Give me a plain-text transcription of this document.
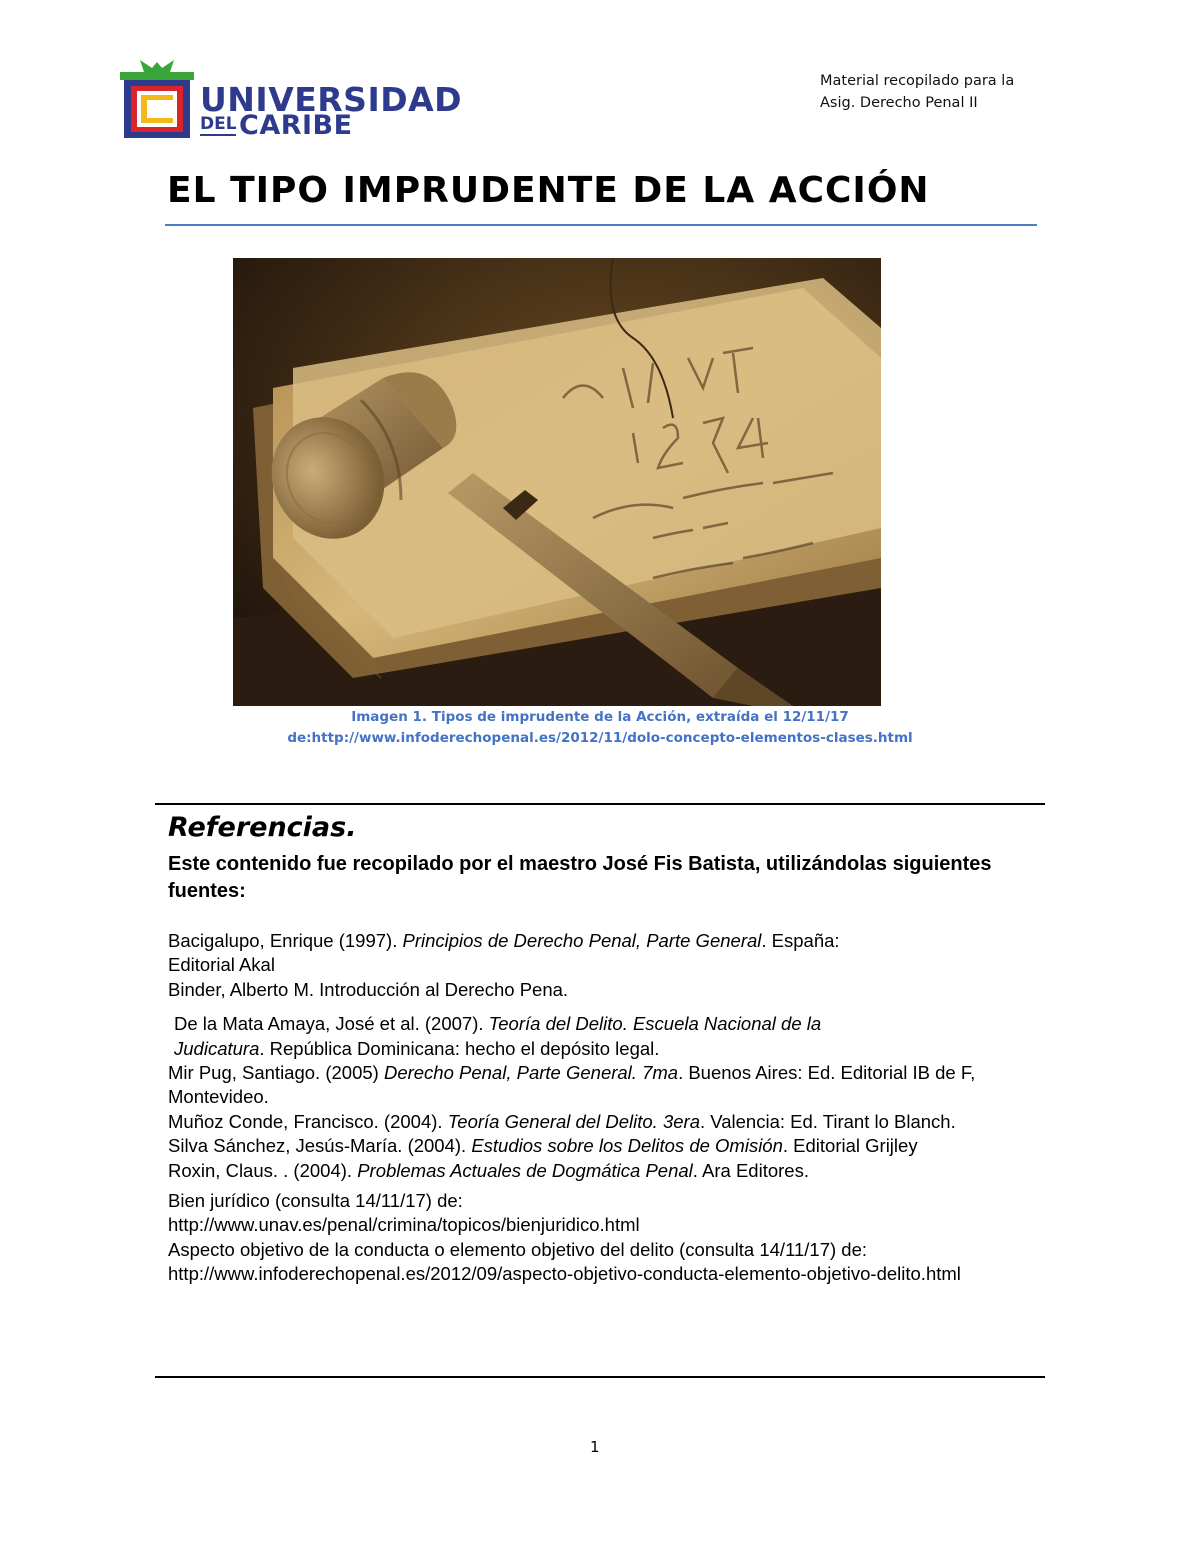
UNIVERSIDAD
DEL CARIBE
Material recopilado para la
Asig. Derecho Penal II
EL TIPO IMPRUDENTE DE LA ACCIÓN
Imagen 1. Tipos de imprudente de la Acción, extraída el 12/11/17
de:http://www.infoderechopenal.es/2012/11/dolo-concepto-elementos-clases.html
Referencias.
Este contenido fue recopilado por el maestro José Fis Batista, utilizándolas siguientes fuentes:

Bacigalupo, Enrique (1997). Principios de Derecho Penal, Parte General. España:
Editorial Akal

Binder, Alberto M. Introducción al Derecho Pena.

De la Mata Amaya, José et al. (2007). Teoría del Delito. Escuela Nacional de la
Judicatura. República Dominicana: hecho el depósito legal.

Mir Pug, Santiago. (2005) Derecho Penal, Parte General. 7ma. Buenos Aires: Ed. Editorial IB de F, Montevideo.

Muñoz Conde, Francisco. (2004). Teoría General del Delito. 3era. Valencia: Ed. Tirant lo Blanch.

Silva Sánchez, Jesús-María. (2004). Estudios sobre los Delitos de Omisión. Editorial Grijley

Roxin, Claus. . (2004). Problemas Actuales de Dogmática Penal. Ara Editores.

Bien jurídico (consulta 14/11/17) de:

http://www.unav.es/penal/crimina/topicos/bienjuridico.html

Aspecto objetivo de la conducta o elemento objetivo del delito (consulta 14/11/17) de:

http://www.infoderechopenal.es/2012/09/aspecto-objetivo-conducta-elemento-objetivo-delito.html

1
